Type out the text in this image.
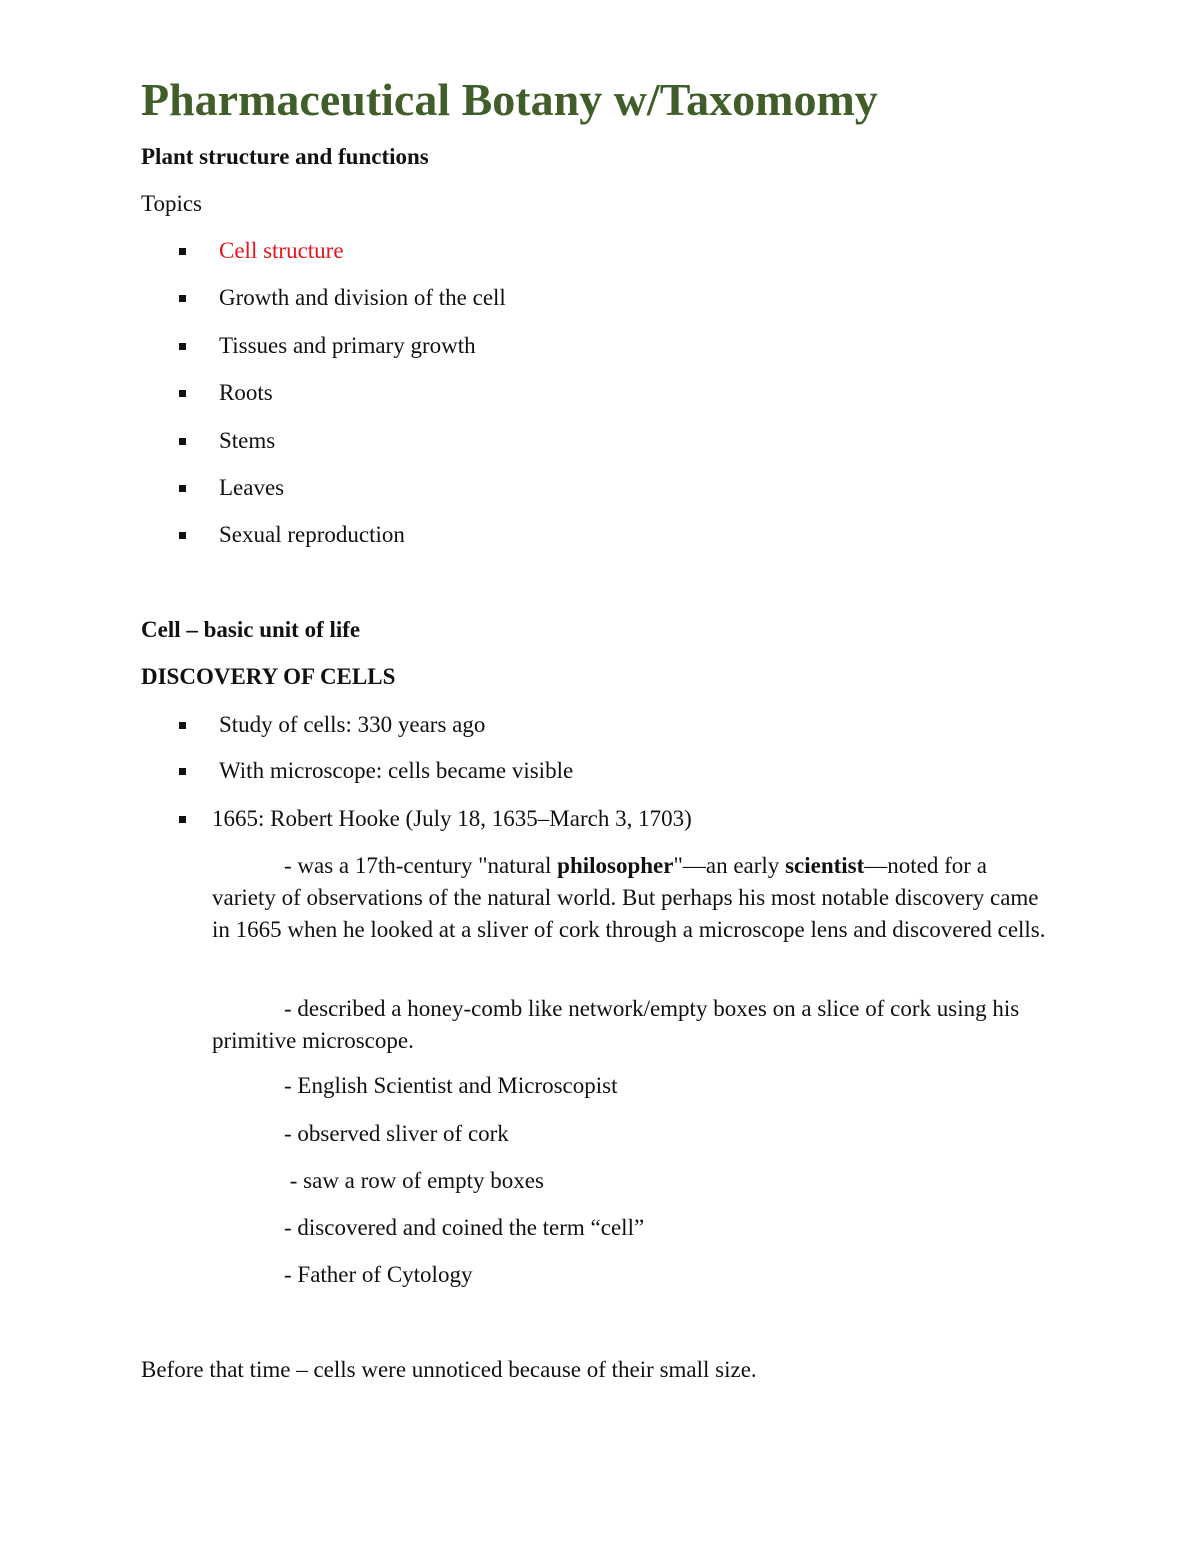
Pharmaceutical Botany w/Taxomomy
Plant structure and functions
Topics
Cell structure
Growth and division of the cell
Tissues and primary growth
Roots
Stems
Leaves
Sexual reproduction
Cell – basic unit of life
DISCOVERY OF CELLS
Study of cells: 330 years ago
With microscope: cells became visible
1665: Robert Hooke (July 18, 1635–March 3, 1703)
- was a 17th-century "natural philosopher"—an early scientist—noted for a variety of observations of the natural world. But perhaps his most notable discovery came in 1665 when he looked at a sliver of cork through a microscope lens and discovered cells.
- described a honey-comb like network/empty boxes on a slice of cork using his primitive microscope.
- English Scientist and Microscopist
- observed sliver of cork
- saw a row of empty boxes
- discovered and coined the term “cell”
- Father of Cytology
Before that time – cells were unnoticed because of their small size.
